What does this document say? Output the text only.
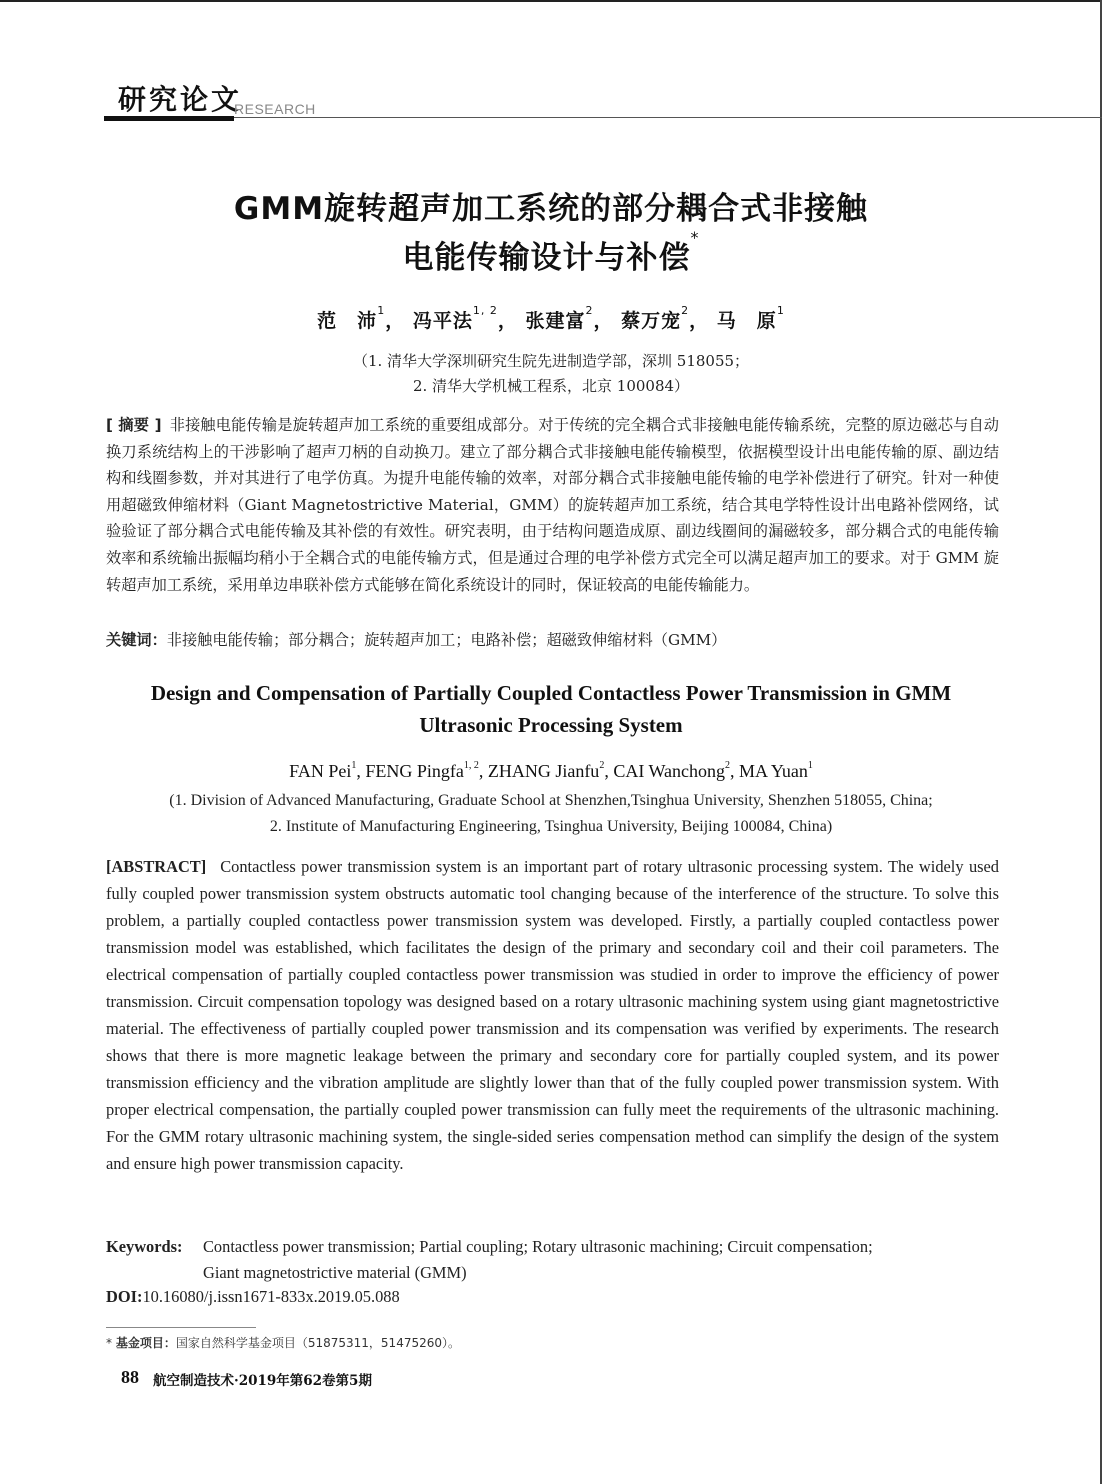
研究论文
RESEARCH
GMM旋转超声加工系统的部分耦合式非接触
电能传输设计与补偿*
范　沛$^1$， 冯平法$^{1, 2}$， 张建富$^2$， 蔡万宠$^2$， 马　原$^1$
（1. 清华大学深圳研究生院先进制造学部，深圳 518055；
2. 清华大学机械工程系，北京 100084）
[ 摘要 ] 非接触电能传输是旋转超声加工系统的重要组成部分。对于传统的完全耦合式非接触电能传输系统，完整的原边磁芯与自动换刀系统结构上的干涉影响了超声刀柄的自动换刀。建立了部分耦合式非接触电能传输模型，依据模型设计出电能传输的原、副边结构和线圈参数，并对其进行了电学仿真。为提升电能传输的效率，对部分耦合式非接触电能传输的电学补偿进行了研究。针对一种使用超磁致伸缩材料（Giant Magnetostrictive Material，GMM）的旋转超声加工系统，结合其电学特性设计出电路补偿网络，试验验证了部分耦合式电能传输及其补偿的有效性。研究表明，由于结构问题造成原、副边线圈间的漏磁较多，部分耦合式的电能传输效率和系统输出振幅均稍小于全耦合式的电能传输方式，但是通过合理的电学补偿方式完全可以满足超声加工的要求。对于 GMM 旋转超声加工系统，采用单边串联补偿方式能够在简化系统设计的同时，保证较高的电能传输能力。
关键词：非接触电能传输；部分耦合；旋转超声加工；电路补偿；超磁致伸缩材料（GMM）
Design and Compensation of Partially Coupled Contactless Power Transmission in GMM
Ultrasonic Processing System
FAN Pei$^1$, FENG Pingfa$^{1, 2}$, ZHANG Jianfu$^2$, CAI Wanchong$^2$, MA Yuan$^1$
(1. Division of Advanced Manufacturing, Graduate School at Shenzhen,Tsinghua University, Shenzhen 518055, China;
2. Institute of Manufacturing Engineering, Tsinghua University, Beijing 100084, China)
[ABSTRACT] Contactless power transmission system is an important part of rotary ultrasonic processing system. The widely used fully coupled power transmission system obstructs automatic tool changing because of the interference of the structure. To solve this problem, a partially coupled contactless power transmission system was developed. Firstly, a partially coupled contactless power transmission model was established, which facilitates the design of the primary and secondary coil and their coil parameters. The electrical compensation of partially coupled contactless power transmission was studied in order to improve the efficiency of power transmission. Circuit compensation topology was designed based on a rotary ultrasonic machining system using giant magnetostrictive material. The effectiveness of partially coupled power transmission and its compensation was verified by experiments. The research shows that there is more magnetic leakage between the primary and secondary core for partially coupled system, and its power transmission efficiency and the vibration amplitude are slightly lower than that of the fully coupled power transmission system. With proper electrical compensation, the partially coupled power transmission can fully meet the requirements of the ultrasonic machining. For the GMM rotary ultrasonic machining system, the single-sided series compensation method can simplify the design of the system and ensure high power transmission capacity.
Keywords: Contactless power transmission; Partial coupling; Rotary ultrasonic machining; Circuit compensation;
Giant magnetostrictive material (GMM)
DOI:10.16080/j.issn1671-833x.2019.05.088
* 基金项目：国家自然科学基金项目（51875311，51475260）。
88 航空制造技术·2019年第62卷第5期
